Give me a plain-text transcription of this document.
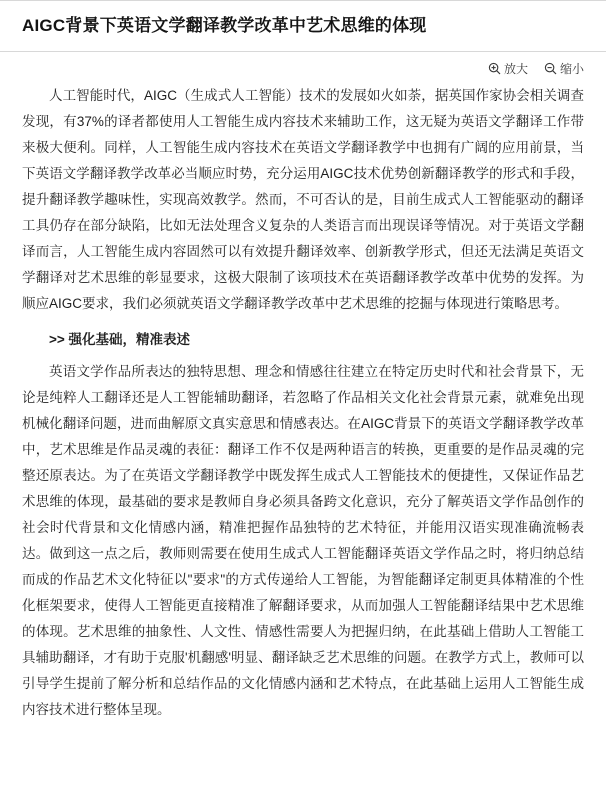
AIGC背景下英语文学翻译教学改革中艺术思维的体现
放大	缩小

人工智能时代，AIGC（生成式人工智能）技术的发展如火如荼，据英国作家协会相关调查发现，有37%的译者都使用人工智能生成内容技术来辅助工作，这无疑为英语文学翻译工作带来极大便利。同样，人工智能生成内容技术在英语文学翻译教学中也拥有广阔的应用前景，当下英语文学翻译教学改革必当顺应时势，充分运用AIGC技术优势创新翻译教学的形式和手段，提升翻译教学趣味性，实现高效教学。然而，不可否认的是，目前生成式人工智能驱动的翻译工具仍存在部分缺陷，比如无法处理含义复杂的人类语言而出现误译等情况。对于英语文学翻译而言，人工智能生成内容固然可以有效提升翻译效率、创新教学形式，但还无法满足英语文学翻译对艺术思维的彰显要求，这极大限制了该项技术在英语翻译教学改革中优势的发挥。为顺应AIGC要求，我们必须就英语文学翻译教学改革中艺术思维的挖掘与体现进行策略思考。

>> 强化基础，精准表述

英语文学作品所表达的独特思想、理念和情感往往建立在特定历史时代和社会背景下，无论是纯粹人工翻译还是人工智能辅助翻译，若忽略了作品相关文化社会背景元素，就难免出现机械化翻译问题，进而曲解原文真实意思和情感表达。在AIGC背景下的英语文学翻译教学改革中，艺术思维是作品灵魂的表征：翻译工作不仅是两种语言的转换，更重要的是作品灵魂的完整还原表达。为了在英语文学翻译教学中既发挥生成式人工智能技术的便捷性，又保证作品艺术思维的体现，最基础的要求是教师自身必须具备跨文化意识，充分了解英语文学作品创作的社会时代背景和文化情感内涵，精准把握作品独特的艺术特征，并能用汉语实现准确流畅表达。做到这一点之后，教师则需要在使用生成式人工智能翻译英语文学作品之时，将归纳总结而成的作品艺术文化特征以"要求"的方式传递给人工智能，为智能翻译定制更具体精准的个性化框架要求，使得人工智能更直接精准了解翻译要求，从而加强人工智能翻译结果中艺术思维的体现。艺术思维的抽象性、人文性、情感性需要人为把握归纳，在此基础上借助人工智能工具辅助翻译，才有助于克服'机翻感'明显、翻译缺乏艺术思维的问题。在教学方式上，教师可以引导学生提前了解分析和总结作品的文化情感内涵和艺术特点，在此基础上运用人工智能生成内容技术进行整体呈现。
